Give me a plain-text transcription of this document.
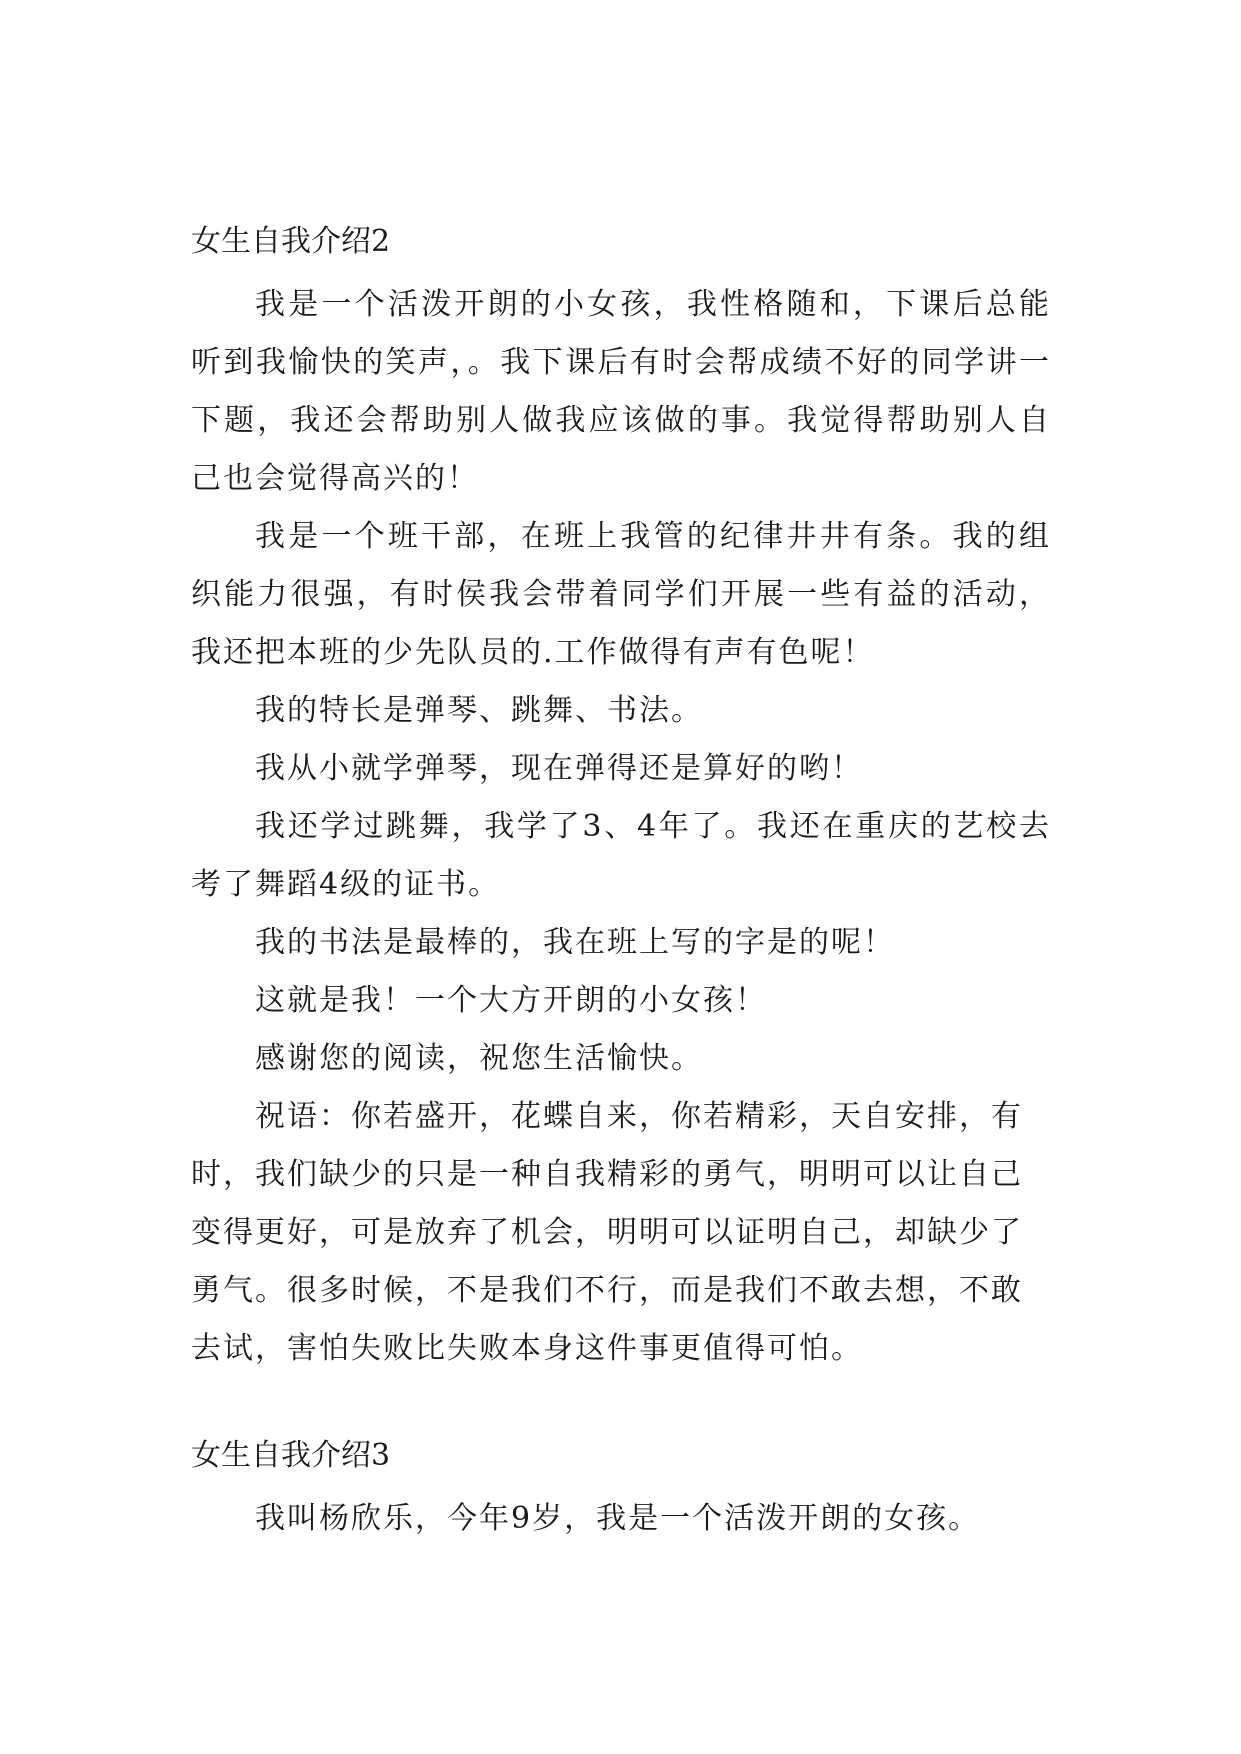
女生自我介绍2

我是一个活泼开朗的小女孩，我性格随和，下课后总能听到我愉快的笑声，。我下课后有时会帮成绩不好的同学讲一下题，我还会帮助别人做我应该做的事。我觉得帮助别人自己也会觉得高兴的！

我是一个班干部，在班上我管的纪律井井有条。我的组织能力很强，有时侯我会带着同学们开展一些有益的活动，我还把本班的少先队员的.工作做得有声有色呢！

我的特长是弹琴、跳舞、书法。

我从小就学弹琴，现在弹得还是算好的哟！

我还学过跳舞，我学了3、4年了。我还在重庆的艺校去考了舞蹈4级的证书。

我的书法是最棒的，我在班上写的字是的呢！

这就是我！一个大方开朗的小女孩！

感谢您的阅读，祝您生活愉快。

祝语：你若盛开，花蝶自来，你若精彩，天自安排，有时，我们缺少的只是一种自我精彩的勇气，明明可以让自己变得更好，可是放弃了机会，明明可以证明自己，却缺少了勇气。很多时候，不是我们不行，而是我们不敢去想，不敢去试，害怕失败比失败本身这件事更值得可怕。

女生自我介绍3

我叫杨欣乐，今年9岁，我是一个活泼开朗的女孩。
